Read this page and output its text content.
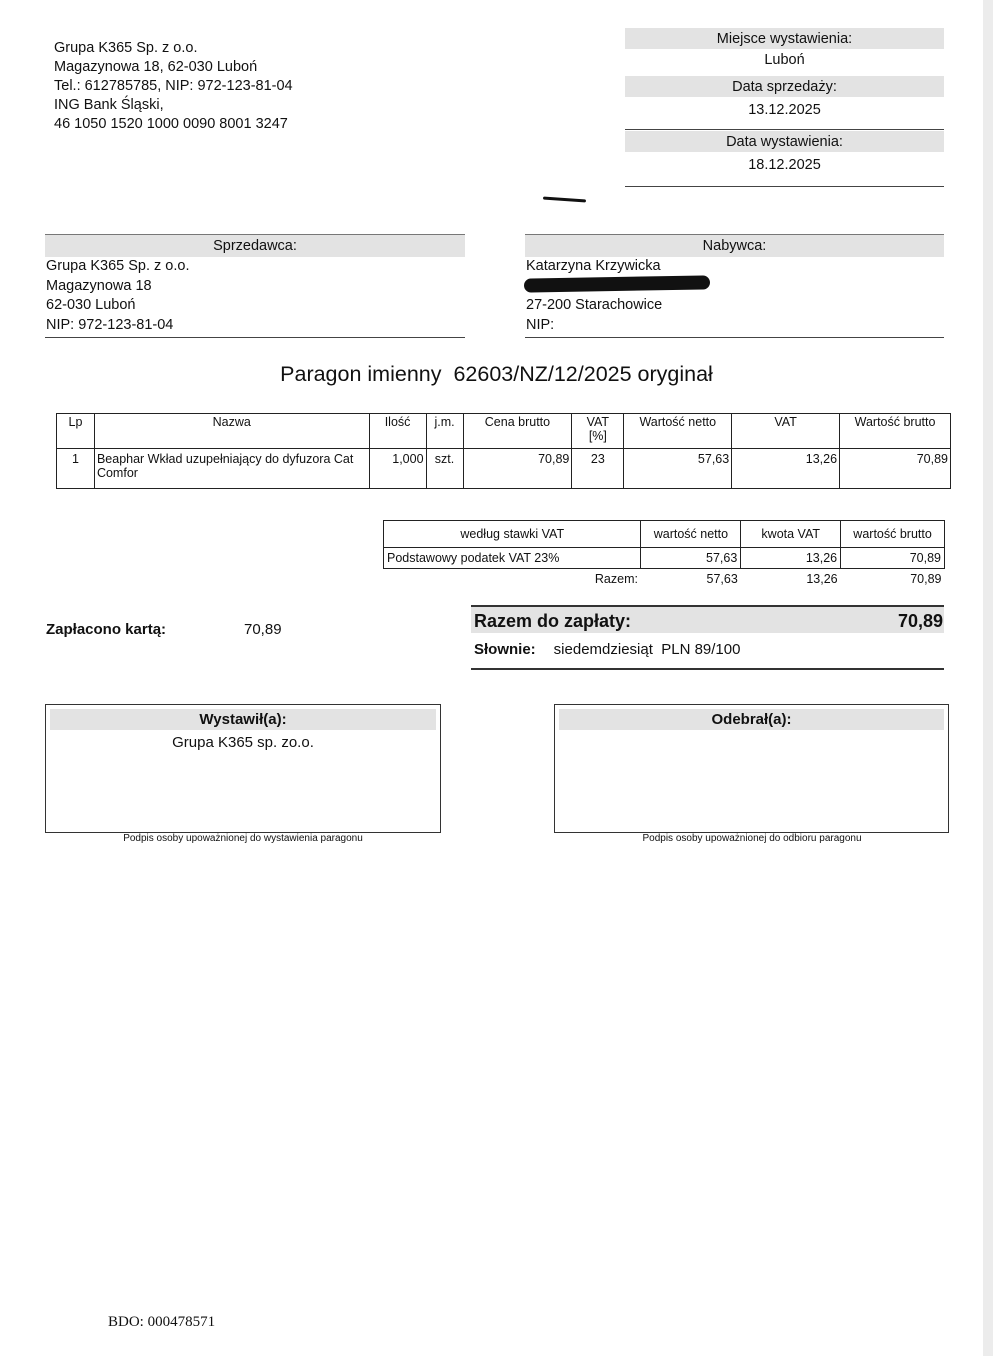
Grupa K365 Sp. z o.o.
Magazynowa 18, 62-030 Luboń
Tel.: 612785785, NIP: 972-123-81-04
ING Bank Śląski,
46 1050 1520 1000 0090 8001 3247
Miejsce wystawienia:
Luboń
Data sprzedaży:
13.12.2025
Data wystawienia:
18.12.2025
Sprzedawca:
Grupa K365 Sp. z o.o.
Magazynowa 18
62-030 Luboń
NIP: 972-123-81-04
Nabywca:
Katarzyna Krzywicka
27-200 Starachowice
NIP:
Paragon imienny 62603/NZ/12/2025 oryginał
Lp	Nazwa	Ilość	j.m.	Cena brutto	VAT [%]	Wartość netto	VAT	Wartość brutto
1	Beaphar Wkład uzupełniający do dyfuzora Cat Comfor	1,000	szt.	70,89	23	57,63	13,26	70,89
według stawki VAT	wartość netto	kwota VAT	wartość brutto
Podstawowy podatek VAT 23%	57,63	13,26	70,89
Razem:	57,63	13,26	70,89
Zapłacono kartą:	70,89	Razem do zapłaty:	70,89
Słownie: siedemdziesiąt  PLN 89/100
Wystawił(a):
Grupa K365 sp. zo.o.
Odebrał(a):
Podpis osoby upoważnionej do wystawienia paragonu	Podpis osoby upoważnionej do odbioru paragonu
BDO: 000478571
